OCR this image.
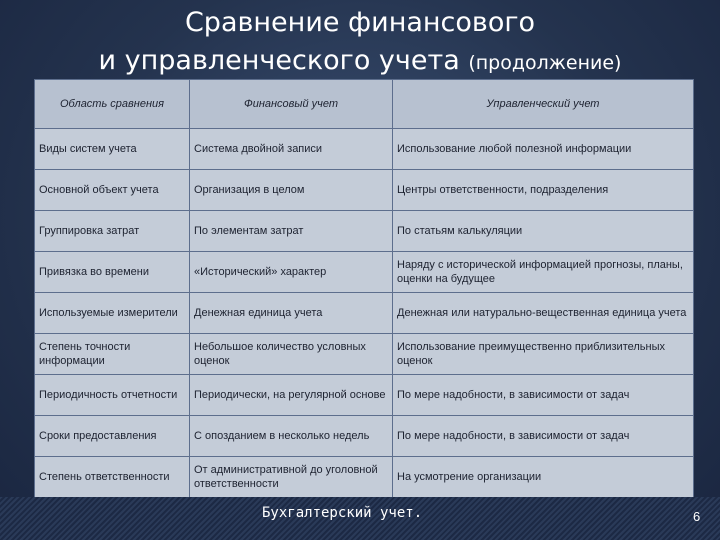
Сравнение финансового
и управленческого учета (продолжение)
Область сравнения	Финансовый учет	Управленческий учет
Виды систем учета	Система двойной записи	Использование любой полезной информации
Основной объект учета	Организация в целом	Центры ответственности, подразделения
Группировка затрат	По элементам затрат	По статьям калькуляции
Привязка во времени	«Исторический» характер	Наряду с исторической информацией прогнозы, планы, оценки на будущее
Используемые измерители	Денежная единица учета	Денежная или натурально-вещественная единица учета
Степень точности информации	Небольшое количество условных оценок	Использование преимущественно приблизительных оценок
Периодичность отчетности	Периодически, на регулярной основе	По мере надобности, в зависимости от задач
Сроки предоставления	С опозданием в несколько недель	По мере надобности, в зависимости от задач
Степень ответственности	От административной до уголовной ответственности	На усмотрение организации
Бухгалтерский учет.	6
